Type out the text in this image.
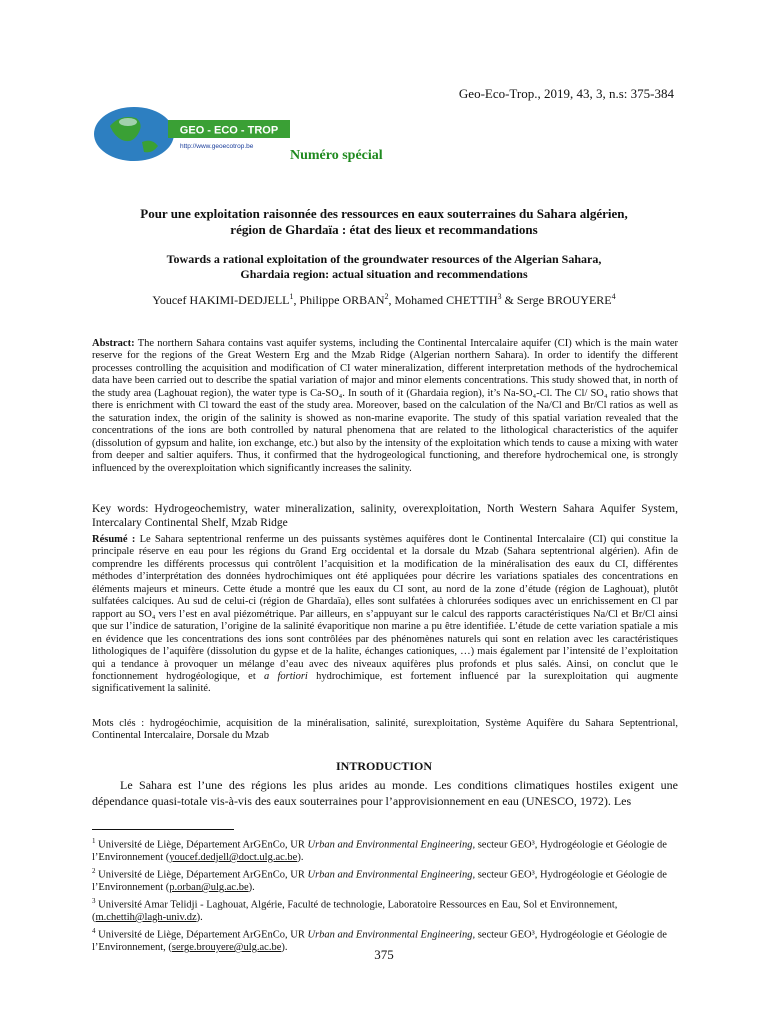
Geo-Eco-Trop., 2019, 43, 3, n.s: 375-384
GEO - ECO - TROP
http://www.geoecotrop.be
Numéro spécial
Pour une exploitation raisonnée des ressources en eaux souterraines du Sahara algérien,
région de Ghardaïa : état des lieux et recommandations
Towards a rational exploitation of the groundwater resources of the Algerian Sahara,
Ghardaia region: actual situation and recommendations
Youcef HAKIMI-DEDJELL$^1$, Philippe ORBAN$^2$, Mohamed CHETTIH$^3$ & Serge BROUYERE$^4$
Abstract: The northern Sahara contains vast aquifer systems, including the Continental Intercalaire aquifer (CI) which is the main water reserve for the regions of the Great Western Erg and the Mzab Ridge (Algerian northern Sahara). In order to identify the different processes controlling the acquisition and modification of CI water mineralization, different interpretation methods of the hydrochemical data have been carried out to describe the spatial variation of major and minor elements concentrations. This study showed that, in north of the study area (Laghouat region), the water type is Ca-SO₄. In south of it (Ghardaia region), it’s Na-SO₄-Cl. The Cl/ SO₄ ratio shows that there is enrichment with Cl toward the east of the study area. Moreover, based on the calculation of the Na/Cl and Br/Cl ratios as well as the saturation index, the origin of the salinity is showed as non-marine evaporite. The study of this spatial variation revealed that the concentrations of the ions are both controlled by natural phenomena that are related to the lithological characteristics of the aquifer (dissolution of gypsum and halite, ion exchange, etc.) but also by the intensity of the exploitation which tends to cause a mixing with water from deeper and saltier aquifers. Thus, it confirmed that the hydrogeological functioning, and therefore hydrochemical one, is strongly influenced by the overexploitation which significantly increases the salinity.
Key words: Hydrogeochemistry, water mineralization, salinity, overexploitation, North Western Sahara Aquifer System, Intercalary Continental Shelf, Mzab Ridge
Résumé : Le Sahara septentrional renferme un des puissants systèmes aquifères dont le Continental Intercalaire (CI) qui constitue la principale réserve en eau pour les régions du Grand Erg occidental et la dorsale du Mzab (Sahara septentrional algérien). Afin de comprendre les différents processus qui contrôlent l’acquisition et la modification de la minéralisation des eaux du CI, différentes méthodes d’interprétation des données hydrochimiques ont été appliquées pour décrire les variations spatiales des concentrations en éléments majeurs et mineurs. Cette étude a montré que les eaux du CI sont, au nord de la zone d’étude (région de Laghouat), plutôt sulfatées calciques. Au sud de celui-ci (région de Ghardaïa), elles sont sulfatées à chlorurées sodiques avec un enrichissement en Cl par rapport au SO₄ vers l’est en aval piézométrique. Par ailleurs, en s’appuyant sur le calcul des rapports caractéristiques Na/Cl et Br/Cl ainsi que sur l’indice de saturation, l’origine de la salinité évaporitique non marine a pu être identifiée. L’étude de cette variation spatiale a mis en évidence que les concentrations des ions sont contrôlées par des phénomènes naturels qui sont en relation avec les caractéristiques lithologiques de l’aquifère (dissolution du gypse et de la halite, échanges cationiques, …) mais également par l’intensité de l’exploitation qui a tendance à provoquer un mélange d’eau avec des niveaux aquifères plus profonds et plus salés. Ainsi, on conclut que le fonctionnement hydrogéologique, et a fortiori hydrochimique, est fortement influencé par la surexploitation qui augmente significativement la salinité.
Mots clés : hydrogéochimie, acquisition de la minéralisation, salinité, surexploitation, Système Aquifère du Sahara Septentrional, Continental Intercalaire, Dorsale du Mzab
INTRODUCTION
Le Sahara est l’une des régions les plus arides au monde. Les conditions climatiques hostiles exigent une dépendance quasi-totale vis-à-vis des eaux souterraines pour l’approvisionnement en eau (UNESCO, 1972). Les
$^1$ Université de Liège, Département ArGEnCo, UR Urban and Environmental Engineering, secteur GEO³, Hydrogéologie et Géologie de l’Environnement (youcef.dedjell@doct.ulg.ac.be).
$^2$ Université de Liège, Département ArGEnCo, UR Urban and Environmental Engineering, secteur GEO³, Hydrogéologie et Géologie de l’Environnement (p.orban@ulg.ac.be).
$^3$ Université Amar Telidji - Laghouat, Algérie, Faculté de technologie, Laboratoire Ressources en Eau, Sol et Environnement, (m.chettih@lagh-univ.dz).
$^4$ Université de Liège, Département ArGEnCo, UR Urban and Environmental Engineering, secteur GEO³, Hydrogéologie et Géologie de l’Environnement, (serge.brouyere@ulg.ac.be).	375
